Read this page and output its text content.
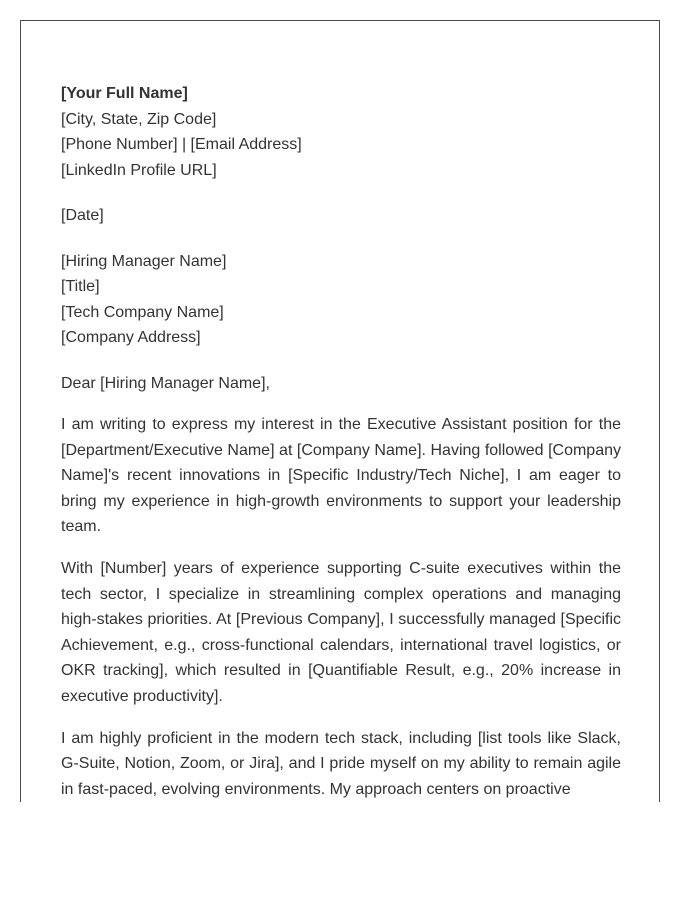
[Your Full Name]
[City, State, Zip Code]
[Phone Number] | [Email Address]
[LinkedIn Profile URL]
[Date]
[Hiring Manager Name]
[Title]
[Tech Company Name]
[Company Address]
Dear [Hiring Manager Name],

I am writing to express my interest in the Executive Assistant position for the [Department/Executive Name] at [Company Name]. Having followed [Company Name]'s recent innovations in [Specific Industry/Tech Niche], I am eager to bring my experience in high-growth environments to support your leadership team.

With [Number] years of experience supporting C-suite executives within the tech sector, I specialize in streamlining complex operations and managing high-stakes priorities. At [Previous Company], I successfully managed [Specific Achievement, e.g., cross-functional calendars, international travel logistics, or OKR tracking], which resulted in [Quantifiable Result, e.g., 20% increase in executive productivity].

I am highly proficient in the modern tech stack, including [list tools like Slack, G-Suite, Notion, Zoom, or Jira], and I pride myself on my ability to remain agile in fast-paced, evolving environments. My approach centers on proactive
